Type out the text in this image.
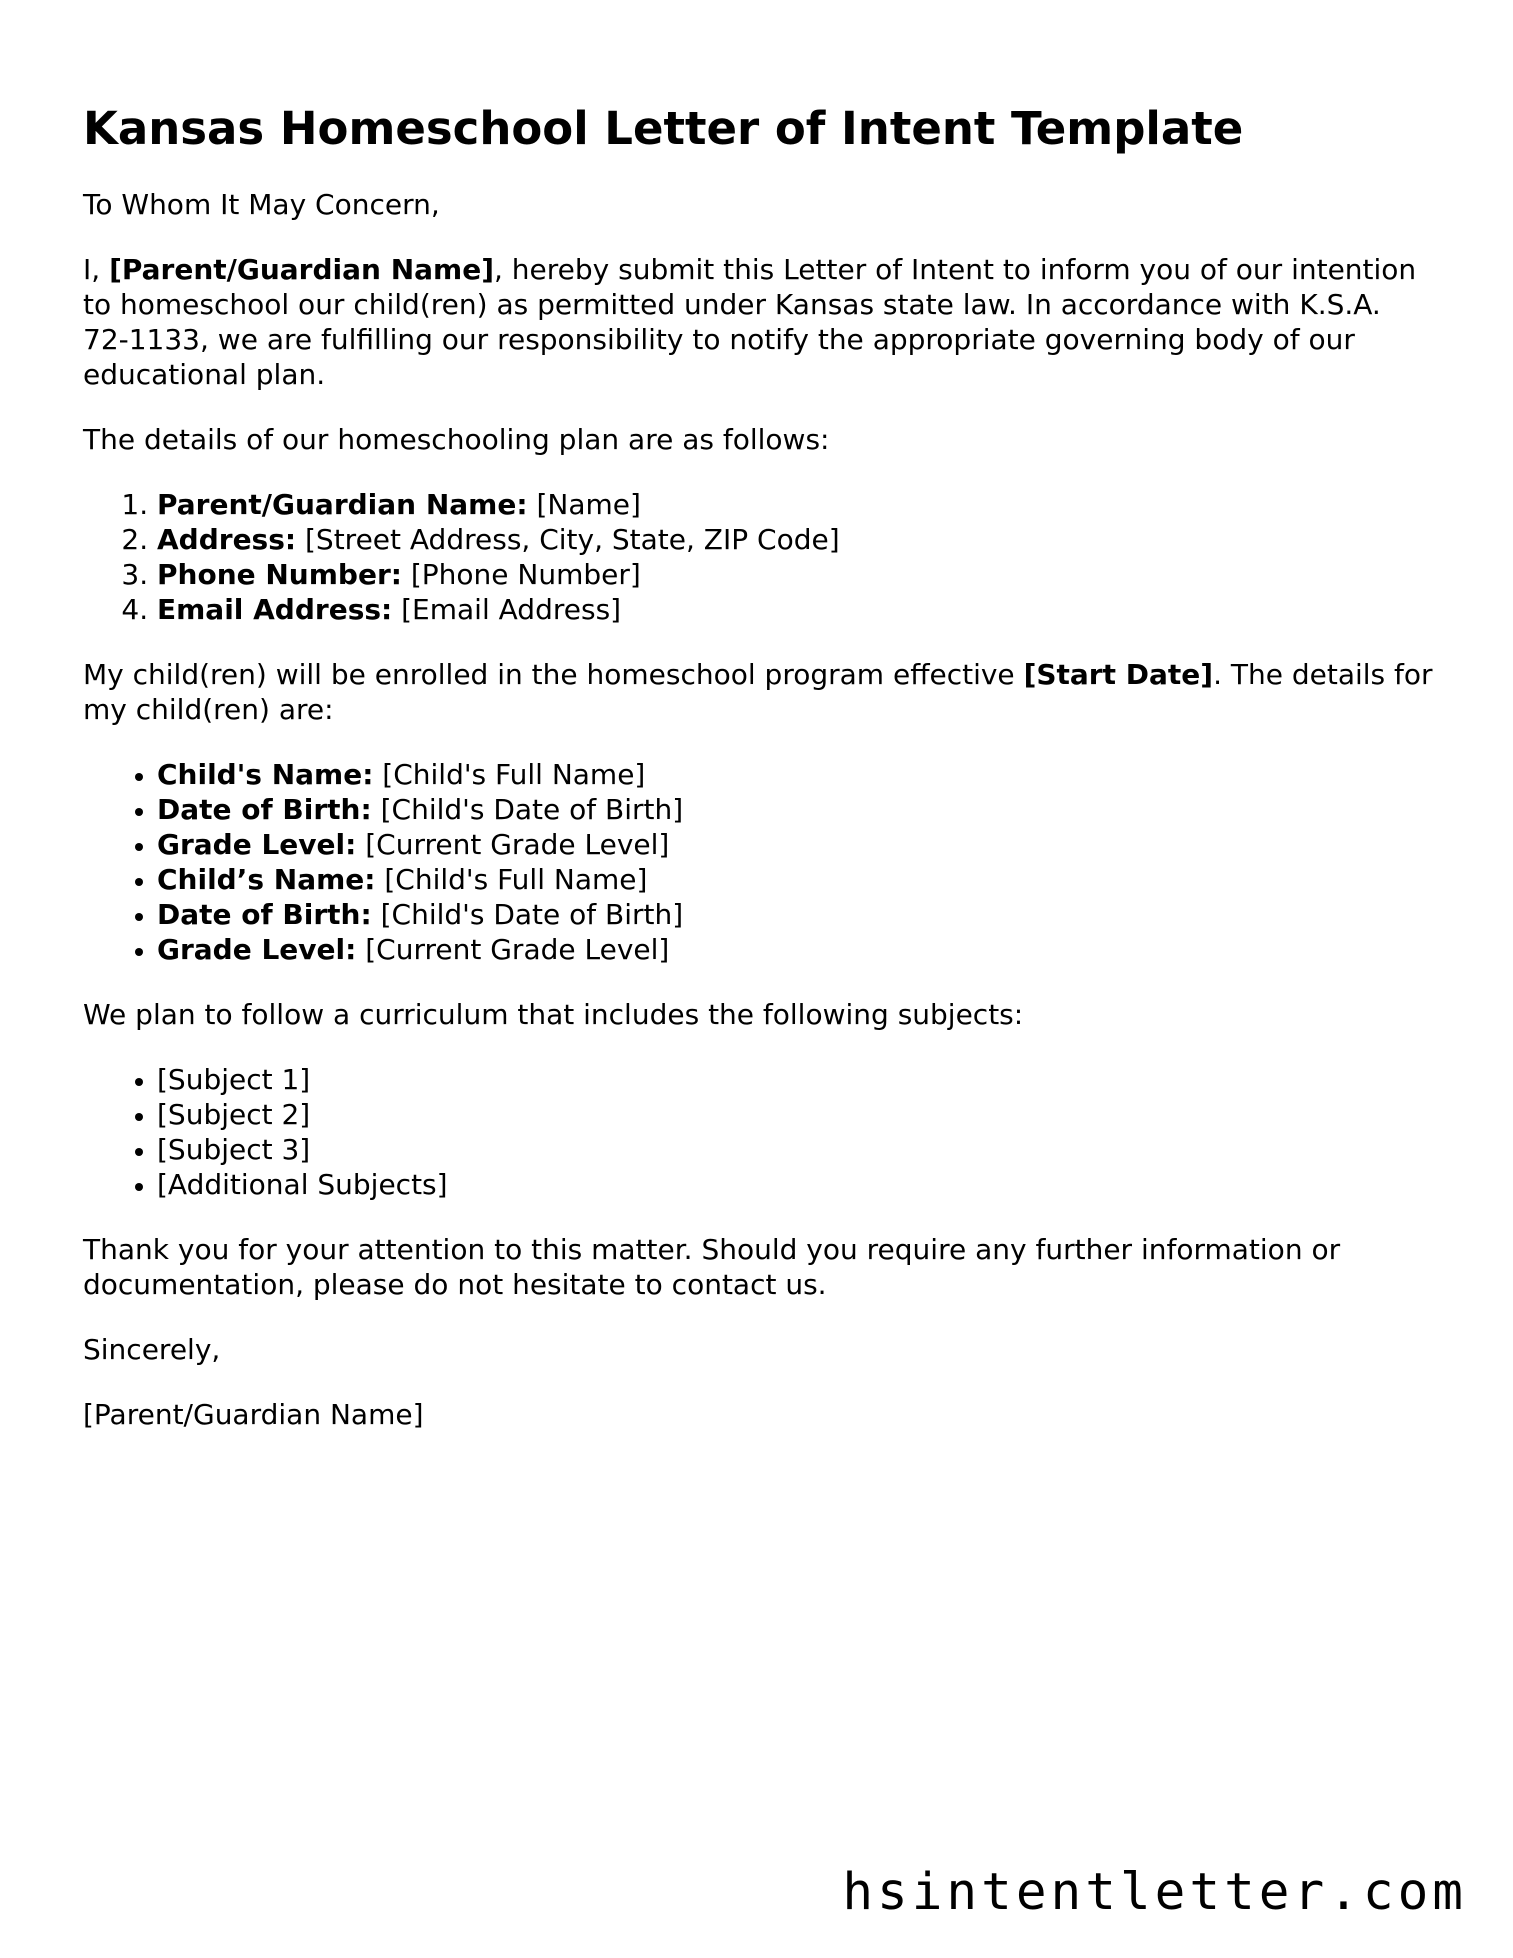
Kansas Homeschool Letter of Intent Template

To Whom It May Concern,

I, [Parent/Guardian Name], hereby submit this Letter of Intent to inform you of our intention to homeschool our child(ren) as permitted under Kansas state law. In accordance with K.S.A. 72-1133, we are fulfilling our responsibility to notify the appropriate governing body of our educational plan.

The details of our homeschooling plan are as follows:

1. Parent/Guardian Name: [Name]
2. Address: [Street Address, City, State, ZIP Code]
3. Phone Number: [Phone Number]
4. Email Address: [Email Address]

My child(ren) will be enrolled in the homeschool program effective [Start Date]. The details for my child(ren) are:

• Child's Name: [Child's Full Name]
• Date of Birth: [Child's Date of Birth]
• Grade Level: [Current Grade Level]
• Child’s Name: [Child's Full Name]
• Date of Birth: [Child's Date of Birth]
• Grade Level: [Current Grade Level]

We plan to follow a curriculum that includes the following subjects:

• [Subject 1]
• [Subject 2]
• [Subject 3]
• [Additional Subjects]

Thank you for your attention to this matter. Should you require any further information or documentation, please do not hesitate to contact us.

Sincerely,

[Parent/Guardian Name]

hsintentletter.com
